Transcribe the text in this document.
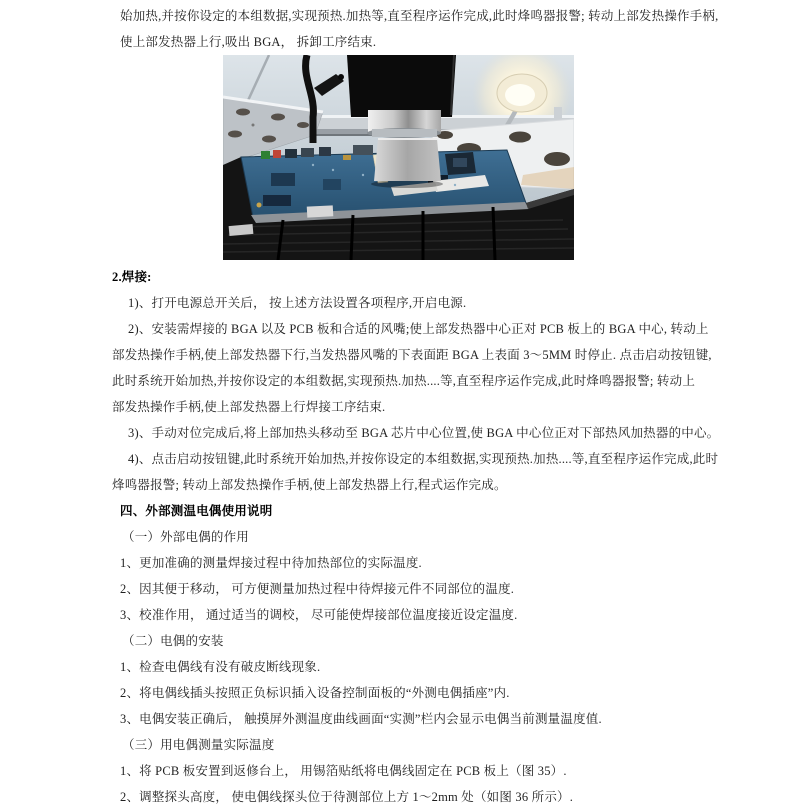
始加热,并按你设定的本组数据,实现预热.加热等,直至程序运作完成,此时烽鸣器报警; 转动上部发热操作手柄,
使上部发热器上行,吸出 BGA， 拆卸工序结束.
2.焊接:
1)、打开电源总开关后， 按上述方法设置各项程序,开启电源.
2)、安装需焊接的 BGA 以及 PCB 板和合适的风嘴;使上部发热器中心正对 PCB 板上的 BGA 中心, 转动上
部发热操作手柄,使上部发热器下行,当发热器风嘴的下表面距 BGA 上表面 3～5MM 时停止. 点击启动按钮键,
此时系统开始加热,并按你设定的本组数据,实现预热.加热....等,直至程序运作完成,此时烽鸣器报警; 转动上
部发热操作手柄,使上部发热器上行焊接工序结束.
3)、手动对位完成后,将上部加热头移动至 BGA 芯片中心位置,使 BGA 中心位正对下部热风加热器的中心。
4)、点击启动按钮键,此时系统开始加热,并按你设定的本组数据,实现预热.加热....等,直至程序运作完成,此时
烽鸣器报警; 转动上部发热操作手柄,使上部发热器上行,程式运作完成。
四、外部测温电偶使用说明
（一）外部电偶的作用
1、更加准确的测量焊接过程中待加热部位的实际温度.
2、因其便于移动， 可方便测量加热过程中待焊接元件不同部位的温度.
3、校准作用， 通过适当的调校， 尽可能使焊接部位温度接近设定温度.
（二）电偶的安装
1、检查电偶线有没有破皮断线现象.
2、将电偶线插头按照正负标识插入设备控制面板的“外测电偶插座”内.
3、电偶安装正确后， 触摸屏外测温度曲线画面“实测”栏内会显示电偶当前测量温度值.
（三）用电偶测量实际温度
1、将 PCB 板安置到返修台上， 用锡箔贴纸将电偶线固定在 PCB 板上（图 35）.
2、调整探头高度， 使电偶线探头位于待测部位上方 1～2mm 处（如图 36 所示）.
